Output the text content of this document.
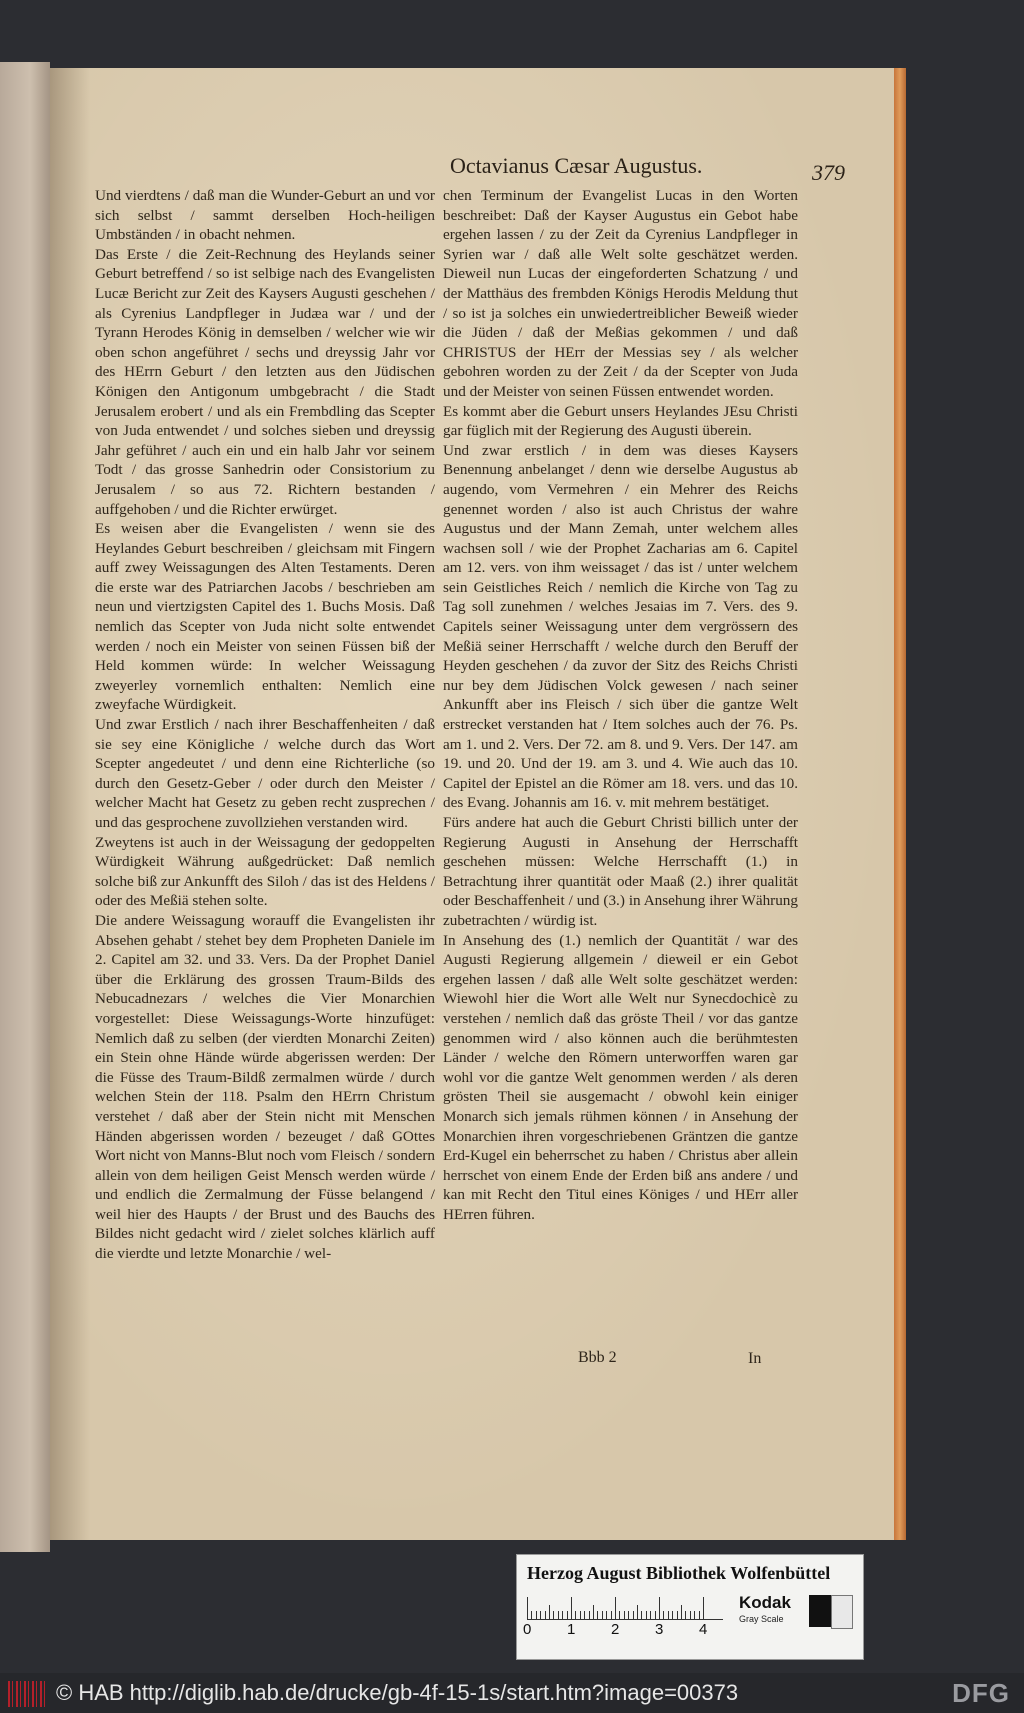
Octavianus Cæsar Augustus.	379

Und vierdtens / daß man die Wunder-Geburt an und vor sich selbst / sammt derselben Hoch-heiligen Umbständen / in obacht nehmen.

Das Erste / die Zeit-Rechnung des Heylands seiner Geburt betreffend / so ist selbige nach des Evangelisten Lucæ Bericht zur Zeit des Kaysers Augusti geschehen / als Cyrenius Landpfleger in Judæa war / und der Tyrann Herodes König in demselben / welcher wie wir oben schon angeführet / sechs und dreyssig Jahr vor des HErrn Geburt / den letzten aus den Jüdischen Königen den Antigonum umbgebracht / die Stadt Jerusalem erobert / und als ein Frembdling das Scepter von Juda entwendet / und solches sieben und dreyssig Jahr geführet / auch ein und ein halb Jahr vor seinem Todt / das grosse Sanhedrin oder Consistorium zu Jerusalem / so aus 72. Richtern bestanden / auffgehoben / und die Richter erwürget.

Es weisen aber die Evangelisten / wenn sie des Heylandes Geburt beschreiben / gleichsam mit Fingern auff zwey Weissagungen des Alten Testaments. Deren die erste war des Patriarchen Jacobs / beschrieben am neun und viertzigsten Capitel des 1. Buchs Mosis. Daß nemlich das Scepter von Juda nicht solte entwendet werden / noch ein Meister von seinen Füssen biß der Held kommen würde: In welcher Weissagung zweyerley vornemlich enthalten: Nemlich eine zweyfache Würdigkeit.

Und zwar Erstlich / nach ihrer Beschaffenheiten / daß sie sey eine Königliche / welche durch das Wort Scepter angedeutet / und denn eine Richterliche (so durch den Gesetz-Geber / oder durch den Meister / welcher Macht hat Gesetz zu geben recht zusprechen / und das gesprochene zuvollziehen verstanden wird.

Zweytens ist auch in der Weissagung der gedoppelten Würdigkeit Währung außgedrücket: Daß nemlich solche biß zur Ankunfft des Siloh / das ist des Heldens / oder des Meßiä stehen solte.

Die andere Weissagung worauff die Evangelisten ihr Absehen gehabt / stehet bey dem Propheten Daniele im 2. Capitel am 32. und 33. Vers. Da der Prophet Daniel über die Erklärung des grossen Traum-Bilds des Nebucadnezars / welches die Vier Monarchien vorgestellet: Diese Weissagungs-Worte hinzufüget: Nemlich daß zu selben (der vierdten Monarchi Zeiten) ein Stein ohne Hände würde abgerissen werden: Der die Füsse des Traum-Bildß zermalmen würde / durch welchen Stein der 118. Psalm den HErrn Christum verstehet / daß aber der Stein nicht mit Menschen Händen abgerissen worden / bezeuget / daß GOttes Wort nicht von Manns-Blut noch vom Fleisch / sondern allein von dem heiligen Geist Mensch werden würde / und endlich die Zermalmung der Füsse belangend / weil hier des Haupts / der Brust und des Bauchs des Bildes nicht gedacht wird / zielet solches klärlich auff die vierdte und letzte Monarchie / wel-

chen Terminum der Evangelist Lucas in den Worten beschreibet: Daß der Kayser Augustus ein Gebot habe ergehen lassen / zu der Zeit da Cyrenius Landpfleger in Syrien war / daß alle Welt solte geschätzet werden. Dieweil nun Lucas der eingeforderten Schatzung / und der Matthäus des frembden Königs Herodis Meldung thut / so ist ja solches ein unwiedertreiblicher Beweiß wieder die Jüden / daß der Meßias gekommen / und daß CHRISTUS der HErr der Messias sey / als welcher gebohren worden zu der Zeit / da der Scepter von Juda und der Meister von seinen Füssen entwendet worden.

Es kommt aber die Geburt unsers Heylandes JEsu Christi gar füglich mit der Regierung des Augusti überein.

Und zwar erstlich / in dem was dieses Kaysers Benennung anbelanget / denn wie derselbe Augustus ab augendo, vom Vermehren / ein Mehrer des Reichs genennet worden / also ist auch Christus der wahre Augustus und der Mann Zemah, unter welchem alles wachsen soll / wie der Prophet Zacharias am 6. Capitel am 12. vers. von ihm weissaget / das ist / unter welchem sein Geistliches Reich / nemlich die Kirche von Tag zu Tag soll zunehmen / welches Jesaias im 7. Vers. des 9. Capitels seiner Weissagung unter dem vergrössern des Meßiä seiner Herrschafft / welche durch den Beruff der Heyden geschehen / da zuvor der Sitz des Reichs Christi nur bey dem Jüdischen Volck gewesen / nach seiner Ankunfft aber ins Fleisch / sich über die gantze Welt erstrecket verstanden hat / Item solches auch der 76. Ps. am 1. und 2. Vers. Der 72. am 8. und 9. Vers. Der 147. am 19. und 20. Und der 19. am 3. und 4. Wie auch das 10. Capitel der Epistel an die Römer am 18. vers. und das 10. des Evang. Johannis am 16. v. mit mehrem bestätiget.

Fürs andere hat auch die Geburt Christi billich unter der Regierung Augusti in Ansehung der Herrschafft geschehen müssen: Welche Herrschafft (1.) in Betrachtung ihrer quantität oder Maaß (2.) ihrer qualität oder Beschaffenheit / und (3.) in Ansehung ihrer Währung zubetrachten / würdig ist.

In Ansehung des (1.) nemlich der Quantität / war des Augusti Regierung allgemein / dieweil er ein Gebot ergehen lassen / daß alle Welt solte geschätzet werden: Wiewohl hier die Wort alle Welt nur Synecdochicè zu verstehen / nemlich daß das gröste Theil / vor das gantze genommen wird / also können auch die berühmtesten Länder / welche den Römern unterworffen waren gar wohl vor die gantze Welt genommen werden / als deren grösten Theil sie ausgemacht / obwohl kein einiger Monarch sich jemals rühmen können / in Ansehung der Monarchien ihren vorgeschriebenen Gräntzen die gantze Erd-Kugel ein beherrschet zu haben / Christus aber allein herrschet von einem Ende der Erden biß ans andere / und kan mit Recht den Titul eines Königes / und HErr aller HErren führen.

Bbb 2	In
Herzog August Bibliothek Wolfenbüttel
0 1 2 3 4
Kodak
Gray Scale
© HAB http://diglib.hab.de/drucke/gb-4f-15-1s/start.htm?image=00373	DFG
